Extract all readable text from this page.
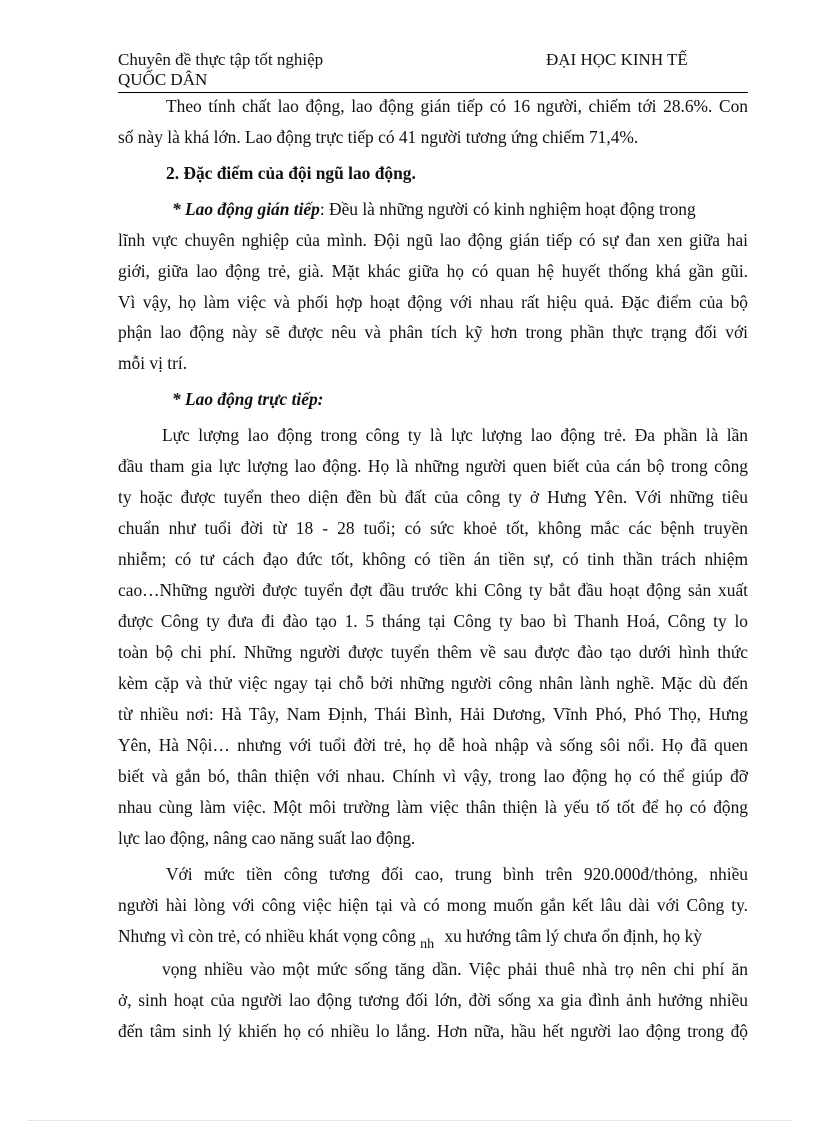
Chuyên đề thực tập tốt nghiệp	ĐẠI HỌC KINH TẾ
QUỐC DÂN
Theo tính chất lao động, lao động gián tiếp có 16 người, chiếm tới 28.6%. Con
số này là khá lớn. Lao động trực tiếp có 41 người tương ứng chiếm 71,4%.
2. Đặc điểm của đội ngũ lao động.
* Lao động gián tiếp: Đều là những người có kinh nghiệm hoạt động trong
lĩnh vực chuyên nghiệp của mình. Đội ngũ lao động gián tiếp có sự đan xen giữa hai
giới, giữa lao động trẻ, già. Mặt khác giữa họ có quan hệ huyết thống khá gần gũi.
Vì vậy, họ làm việc và phối hợp hoạt động với nhau rất hiệu quả. Đặc điểm của bộ
phận lao động này sẽ được nêu và phân tích kỹ hơn trong phần thực trạng đối với
mỗi vị trí.
* Lao động trực tiếp:
Lực lượng lao động trong công ty là lực lượng lao động trẻ. Đa phần là lần
đầu tham gia lực lượng lao động. Họ là những người quen biết của cán bộ trong công
ty hoặc được tuyển theo diện đền bù đất của công ty ở Hưng Yên. Với những tiêu
chuẩn như tuổi đời từ 18 - 28 tuổi; có sức khoẻ tốt, không mắc các bệnh truyền
nhiễm; có tư cách đạo đức tốt, không có tiền án tiền sự, có tinh thần trách nhiệm
cao…Những người được tuyển đợt đầu trước khi Công ty bắt đầu hoạt động sản xuất
được Công ty đưa đi đào tạo 1. 5 tháng tại Công ty bao bì Thanh Hoá, Công ty lo
toàn bộ chi phí. Những người được tuyển thêm về sau được đào tạo dưới hình thức
kèm cặp và thử việc ngay tại chỗ bởi những người công nhân lành nghề. Mặc dù đến
từ nhiều nơi: Hà Tây, Nam Định, Thái Bình, Hải Dương, Vĩnh Phó, Phó Thọ, Hưng
Yên, Hà Nội… nhưng với tuổi đời trẻ, họ dễ hoà nhập và sống sôi nổi. Họ đã quen
biết và gắn bó, thân thiện với nhau. Chính vì vậy, trong lao động họ có thể giúp đỡ
nhau cùng làm việc. Một môi trường làm việc thân thiện là yếu tố tốt để họ có động
lực lao động, nâng cao năng suất lao động.
Với mức tiền công tương đối cao, trung bình trên 920.000đ/thỏng, nhiều
người hài lòng với công việc hiện tại và có mong muốn gắn kết lâu dài với Công ty.
Nhưng vì còn trẻ, có nhiều khát vọng công $_{nh}$ xu hướng tâm lý chưa ổn định, họ kỳ
vọng nhiều vào một mức sống tăng dần. Việc phải thuê nhà trọ nên chi phí ăn
ở, sinh hoạt của người lao động tương đối lớn, đời sống xa gia đình ảnh hưởng nhiều
đến tâm sinh lý khiến họ có nhiều lo lắng. Hơn nữa, hầu hết người lao động trong độ
